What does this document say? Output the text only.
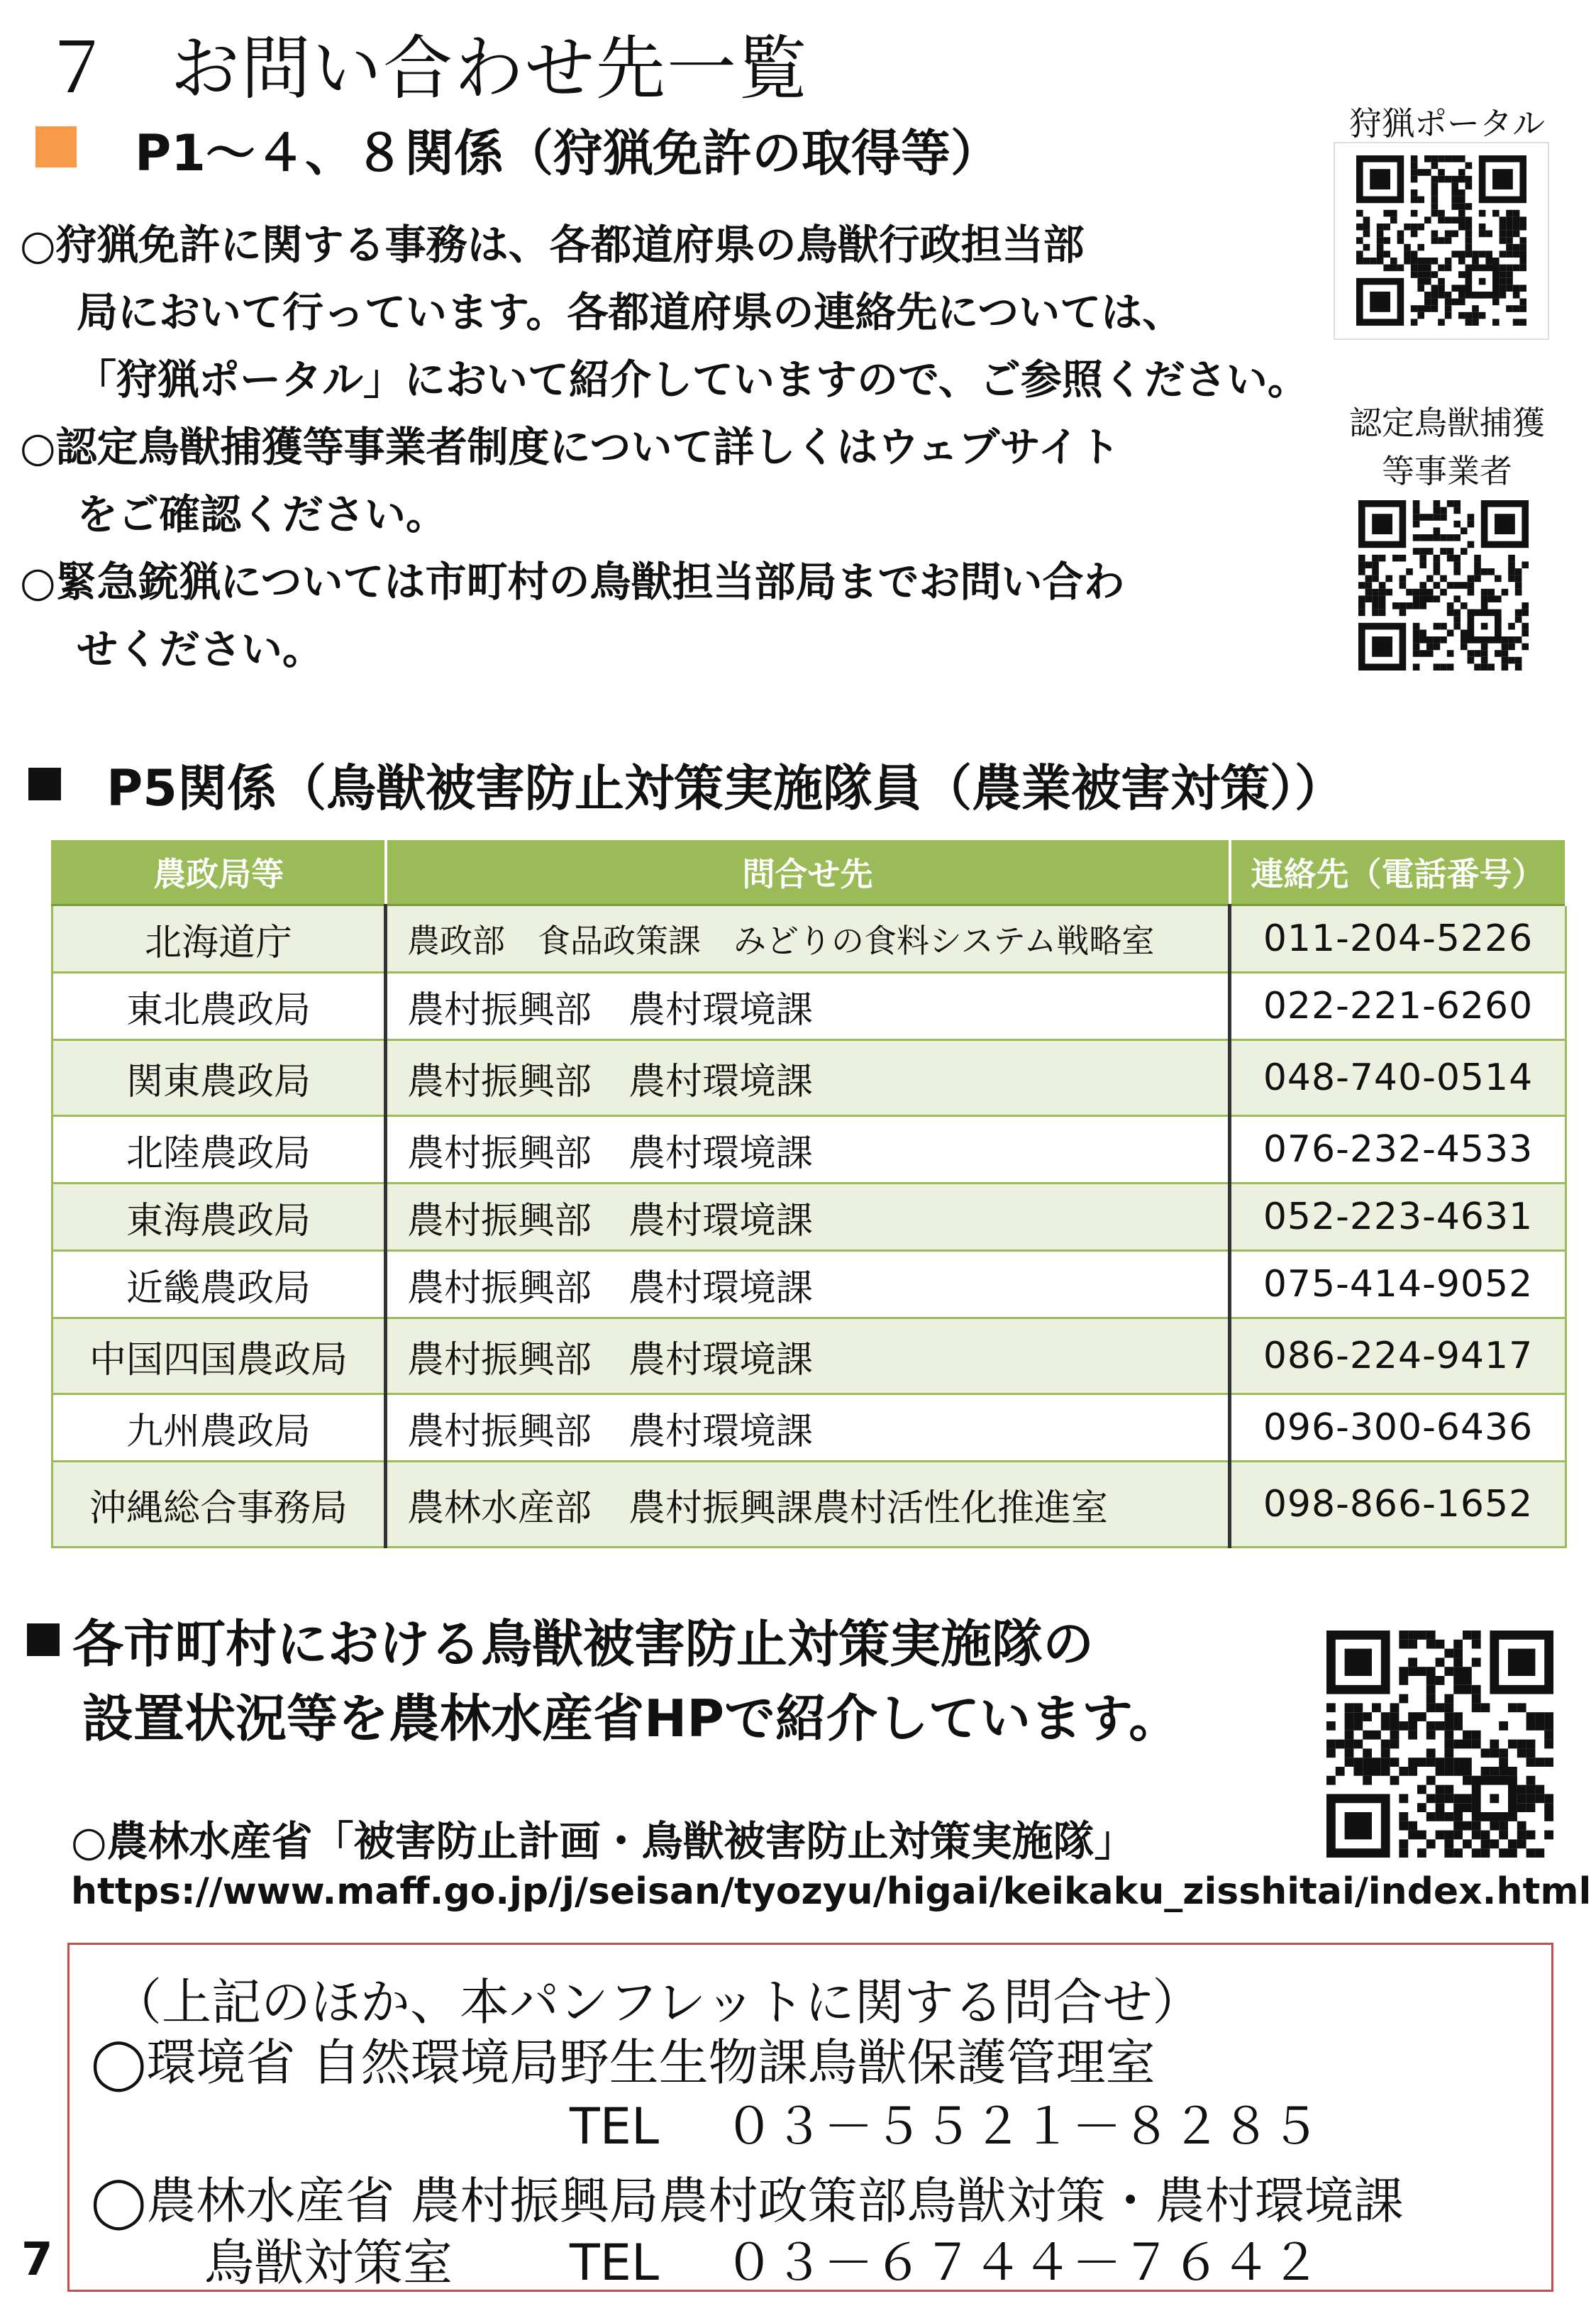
７ お問い合わせ先一覧
P1～４、８関係（狩猟免許の取得等）
○狩猟免許に関する事務は、各都道府県の鳥獣行政担当部
局において行っています。各都道府県の連絡先については、
「狩猟ポータル」において紹介していますので、ご参照ください。
○認定鳥獣捕獲等事業者制度について詳しくはウェブサイト
をご確認ください。
○緊急銃猟については市町村の鳥獣担当部局までお問い合わ
せください。
狩猟ポータル
認定鳥獣捕獲
等事業者
P5関係（鳥獣被害防止対策実施隊員（農業被害対策））
農政局等	問合せ先	連絡先（電話番号）
北海道庁	農政部　食品政策課　みどりの食料システム戦略室	011-204-5226
東北農政局	農村振興部　農村環境課	022-221-6260
関東農政局	農村振興部　農村環境課	048-740-0514
北陸農政局	農村振興部　農村環境課	076-232-4533
東海農政局	農村振興部　農村環境課	052-223-4631
近畿農政局	農村振興部　農村環境課	075-414-9052
中国四国農政局	農村振興部　農村環境課	086-224-9417
九州農政局	農村振興部　農村環境課	096-300-6436
沖縄総合事務局	農林水産部　農村振興課農村活性化推進室	098-866-1652
各市町村における鳥獣被害防止対策実施隊の
設置状況等を農林水産省HPで紹介しています。
○農林水産省「被害防止計画・鳥獣被害防止対策実施隊」
https://www.maff.go.jp/j/seisan/tyozyu/higai/keikaku_zisshitai/index.html
（上記のほか、本パンフレットに関する問合せ）
◯環境省 自然環境局野生生物課鳥獣保護管理室
TEL　 ０３－５５２１－８２８５
◯農林水産省 農村振興局農村政策部鳥獣対策・農村環境課
鳥獣対策室 TEL　 ０３－６７４４－７６４２
7
